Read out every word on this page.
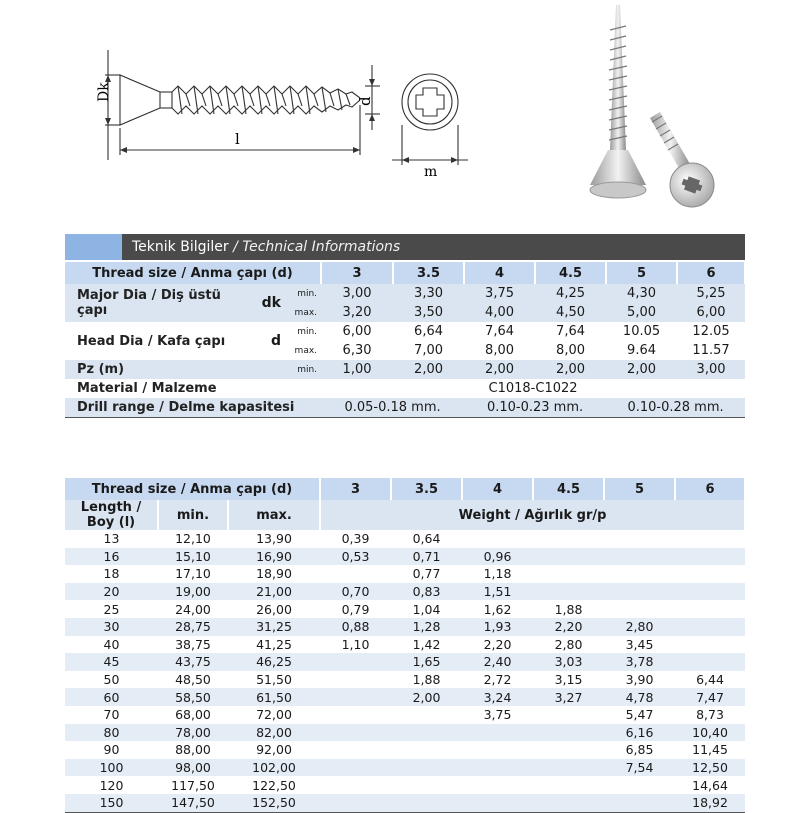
Dk
l
d
m
Teknik Bilgiler / Technical Informations
Thread size / Anma çapı (d)			3	3.5	4	4.5	5	6
Major Dia / Diş üstü çapı	dk	min.	3,00	3,30	3,75	4,25	4,30	5,25
		max.	3,20	3,50	4,00	4,50	5,00	6,00
Head Dia / Kafa çapı	d	min.	6,00	6,64	7,64	7,64	10.05	12.05
		max.	6,30	7,00	8,00	8,00	9.64	11.57
Pz (m)		min.	1,00	2,00	2,00	2,00	2,00	3,00
Material / Malzeme			C1018-C1022					
Drill range / Delme kapasitesi			0.05-0.18 mm.		0.10-0.23 mm.		0.10-0.28 mm.	
Thread size / Anma çapı (d)			3	3.5	4	4.5	5	6
Length / Boy (l)	min.	max.	Weight / Ağırlık gr/p					
13	12,10	13,90	0,39	0,64				
16	15,10	16,90	0,53	0,71	0,96			
18	17,10	18,90		0,77	1,18			
20	19,00	21,00	0,70	0,83	1,51			
25	24,00	26,00	0,79	1,04	1,62	1,88		
30	28,75	31,25	0,88	1,28	1,93	2,20	2,80	
40	38,75	41,25	1,10	1,42	2,20	2,80	3,45	
45	43,75	46,25		1,65	2,40	3,03	3,78	
50	48,50	51,50		1,88	2,72	3,15	3,90	6,44
60	58,50	61,50		2,00	3,24	3,27	4,78	7,47
70	68,00	72,00			3,75		5,47	8,73
80	78,00	82,00					6,16	10,40
90	88,00	92,00					6,85	11,45
100	98,00	102,00					7,54	12,50
120	117,50	122,50						14,64
150	147,50	152,50						18,92
